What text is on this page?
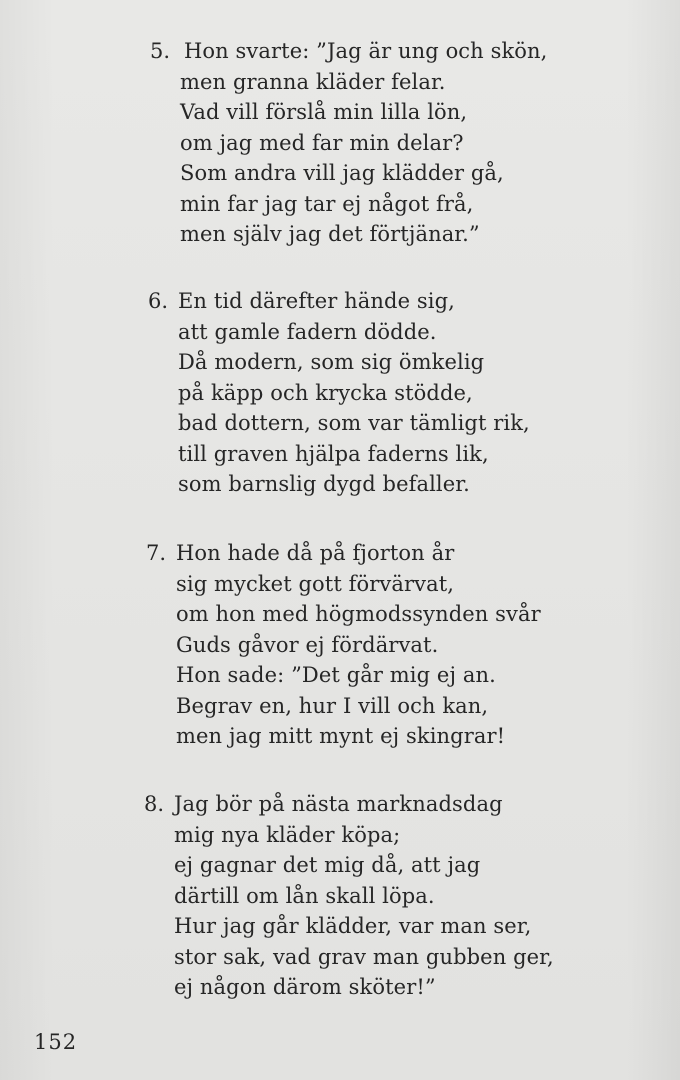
5. Hon svarte: ”Jag är ung och skön,
men granna kläder felar.
Vad vill förslå min lilla lön,
om jag med far min delar?
Som andra vill jag klädder gå,
min far jag tar ej något frå,
men själv jag det förtjänar.”
6. En tid därefter hände sig,
att gamle fadern dödde.
Då modern, som sig ömkelig
på käpp och krycka stödde,
bad dottern, som var tämligt rik,
till graven hjälpa faderns lik,
som barnslig dygd befaller.
7. Hon hade då på fjorton år
sig mycket gott förvärvat,
om hon med högmodssynden svår
Guds gåvor ej fördärvat.
Hon sade: ”Det går mig ej an.
Begrav en, hur I vill och kan,
men jag mitt mynt ej skingrar!
8. Jag bör på nästa marknadsdag
mig nya kläder köpa;
ej gagnar det mig då, att jag
därtill om lån skall löpa.
Hur jag går klädder, var man ser,
stor sak, vad grav man gubben ger,
ej någon därom sköter!”
152
